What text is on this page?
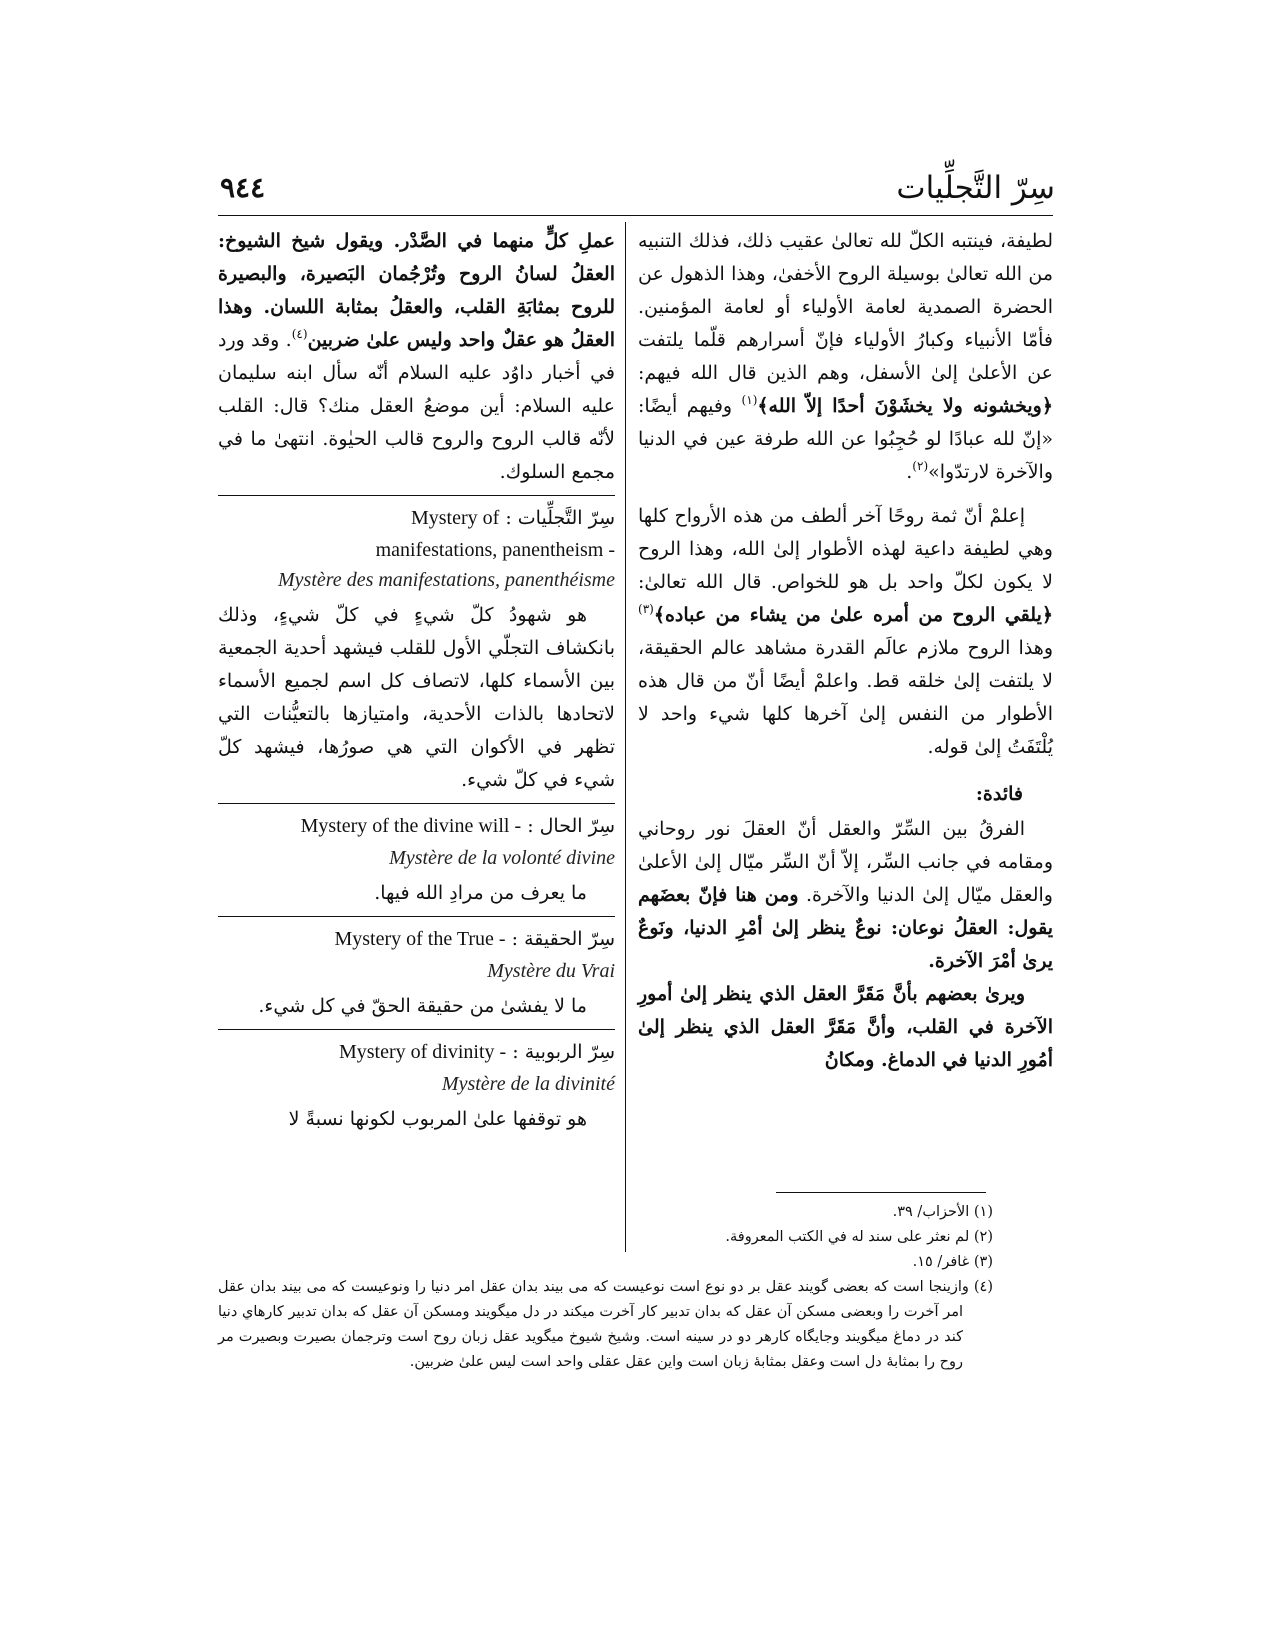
سِرّ التَّجلِّيات
٩٤٤

لطيفة، فينتبه الكلّ لله تعالىٰ عقيب ذلك، فذلك التنبيه من الله تعالىٰ بوسيلة الروح الأخفىٰ، وهذا الذهول عن الحضرة الصمدية لعامة الأولياء أو لعامة المؤمنين. فأمّا الأنبياء وكبارُ الأولياء فإنّ أسرارهم قلّما يلتفت عن الأعلىٰ إلىٰ الأسفل، وهم الذين قال الله فيهم: ﴿ويخشونه ولا يخشَوْنَ أحدًا إلاّ الله﴾$^{(١)}$ وفيهم أيضًا: «إنّ لله عبادًا لو حُجِبُوا عن الله طرفة عين في الدنيا والآخرة لارتدّوا»$^{(٢)}$.

إعلمْ أنّ ثمة روحًا آخر ألطف من هذه الأرواح كلها وهي لطيفة داعية لهذه الأطوار إلىٰ الله، وهذا الروح لا يكون لكلّ واحد بل هو للخواص. قال الله تعالىٰ: ﴿يلقي الروح من أمره علىٰ من يشاء من عباده﴾$^{(٣)}$ وهذا الروح ملازم عالَم القدرة مشاهد عالم الحقيقة، لا يلتفت إلىٰ خلقه قط. واعلمْ أيضًا أنّ من قال هذه الأطوار من النفس إلىٰ آخرها كلها شيء واحد لا يُلْتَفَتُ إلىٰ قوله.

فائدة:

الفرقُ بين السِّرّ والعقل أنّ العقلَ نور روحاني ومقامه في جانب السِّر، إلاّ أنّ السِّر ميّال إلىٰ الأعلىٰ والعقل ميّال إلىٰ الدنيا والآخرة. ومن هنا فإنّ بعضَهم يقول: العقلُ نوعان: نوعٌ ينظر إلىٰ أمْرِ الدنيا، ونَوعٌ يرىٰ أمْرَ الآخرة.

ويرىٰ بعضهم بأنَّ مَقَرَّ العقل الذي ينظر إلىٰ أمورِ الآخرة في القلب، وأنَّ مَقَرَّ العقل الذي ينظر إلىٰ أمُورِ الدنيا في الدماغ. ومكانُ

عملِ كلٍّ منهما في الصَّدْر. ويقول شيخ الشيوخ: العقلُ لسانُ الروح وتُرْجُمان البَصيرة، والبصيرة للروح بمثابَةِ القلب، والعقلُ بمثابة اللسان. وهذا العقلُ هو عقلٌ واحد وليس علىٰ ضربين$^{(٤)}$. وقد ورد في أخبار داوُد عليه السلام أنّه سأل ابنه سليمان عليه السلام: أين موضعُ العقل منك؟ قال: القلب لأنّه قالب الروح والروح قالب الحيٰوة. انتهىٰ ما في مجمع السلوك.

سِرّ التَّجلِّيات : Mystery of

manifestations, panentheism -

Mystère des manifestations, panenthéisme

هو شهودُ كلّ شيءٍ في كلّ شيءٍ، وذلك بانكشاف التجلّي الأول للقلب فيشهد أحدية الجمعية بين الأسماء كلها، لاتصاف كل اسم لجميع الأسماء لاتحادها بالذات الأحدية، وامتيازها بالتعيُّنات التي تظهر في الأكوان التي هي صورُها، فيشهد كلّ شيء في كلّ شيء.

سِرّ الحال : Mystery of the divine will -

Mystère de la volonté divine

ما يعرف من مرادِ الله فيها.

سِرّ الحقيقة : Mystery of the True -

Mystère du Vrai

ما لا يفشىٰ من حقيقة الحقّ في كل شيء.

سِرّ الربوبية : Mystery of divinity -

Mystère de la divinité

هو توقفها علىٰ المربوب لكونها نسبةً لا

(١) الأحزاب/ ٣٩.

(٢) لم نعثر على سند له في الكتب المعروفة.

(٣) غافر/ ١٥.

(٤) وازينجا است كه بعضى گويند عقل بر دو نوع است نوعيست كه مى بيند بدان عقل امر دنيا را ونوعيست كه مى بيند بدان عقل امر آخرت را وبعضى مسكن آن عقل كه بدان تدبير كار آخرت ميكند در دل ميگويند ومسكن آن عقل كه بدان تدبير كارهاي دنيا كند در دماغ ميگويند وجايگاه كارهر دو در سينه است. وشيخ شيوخ ميگويد عقل زبان روح است وترجمان بصيرت وبصيرت مر روح را بمثابهٔ دل است وعقل بمثابهٔ زبان است واين عقل عقلى واحد است ليس علىٰ ضربين.
